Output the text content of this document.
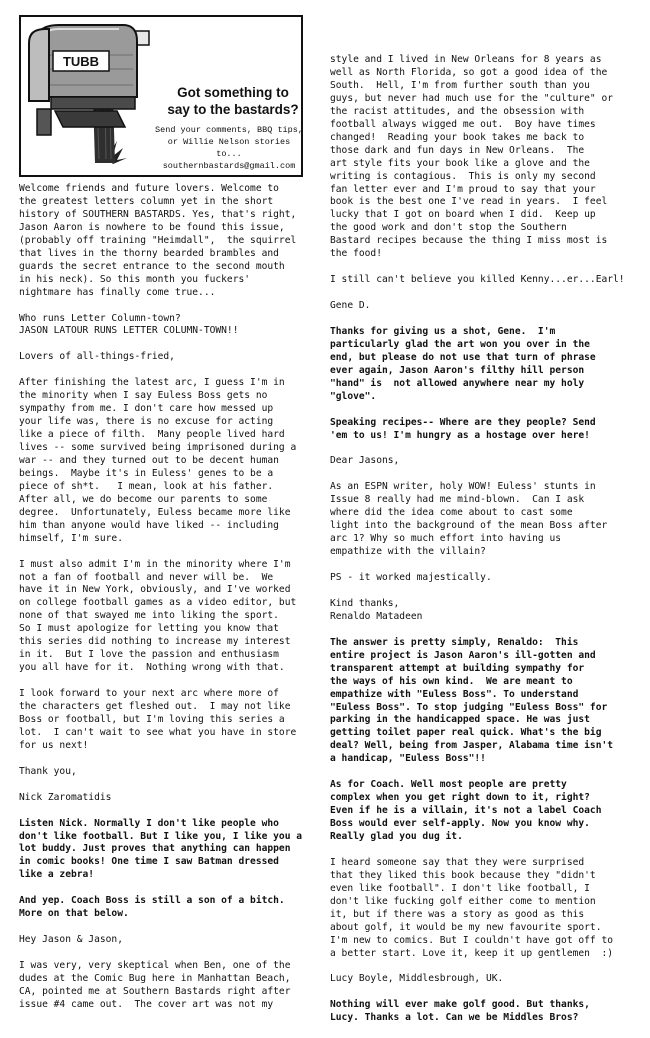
TUBB
Got something to
say to the bastards?
Send your comments, BBQ tips,
or Willie Nelson stories to...
southernbastards@gmail.com

Welcome friends and future lovers. Welcome to
the greatest letters column yet in the short
history of SOUTHERN BASTARDS. Yes, that's right,
Jason Aaron is nowhere to be found this issue,
(probably off training "Heimdall",  the squirrel
that lives in the thorny bearded brambles and
guards the secret entrance to the second mouth
in his neck). So this month you fuckers'
nightmare has finally come true...

Who runs Letter Column-town?
JASON LATOUR RUNS LETTER COLUMN-TOWN!!

Lovers of all-things-fried,

After finishing the latest arc, I guess I'm in
the minority when I say Euless Boss gets no
sympathy from me. I don't care how messed up
your life was, there is no excuse for acting
like a piece of filth.  Many people lived hard
lives -- some survived being imprisoned during a
war -- and they turned out to be decent human
beings.  Maybe it's in Euless' genes to be a
piece of sh*t.   I mean, look at his father.
After all, we do become our parents to some
degree.  Unfortunately, Euless became more like
him than anyone would have liked -- including
himself, I'm sure.

I must also admit I'm in the minority where I'm
not a fan of football and never will be.  We
have it in New York, obviously, and I've worked
on college football games as a video editor, but
none of that swayed me into liking the sport.
So I must apologize for letting you know that
this series did nothing to increase my interest
in it.  But I love the passion and enthusiasm
you all have for it.  Nothing wrong with that.

I look forward to your next arc where more of
the characters get fleshed out.  I may not like
Boss or football, but I'm loving this series a
lot.  I can't wait to see what you have in store
for us next!

Thank you,

Nick Zaromatidis

Listen Nick. Normally I don't like people who
don't like football. But I like you, I like you a
lot buddy. Just proves that anything can happen
in comic books! One time I saw Batman dressed
like a zebra!

And yep. Coach Boss is still a son of a bitch.
More on that below.

Hey Jason & Jason,

I was very, very skeptical when Ben, one of the
dudes at the Comic Bug here in Manhattan Beach,
CA, pointed me at Southern Bastards right after
issue #4 came out.  The cover art was not my

style and I lived in New Orleans for 8 years as
well as North Florida, so got a good idea of the
South.  Hell, I'm from further south than you
guys, but never had much use for the "culture" or
the racist attitudes, and the obsession with
football always wigged me out.  Boy have times
changed!  Reading your book takes me back to
those dark and fun days in New Orleans.  The
art style fits your book like a glove and the
writing is contagious.  This is only my second
fan letter ever and I'm proud to say that your
book is the best one I've read in years.  I feel
lucky that I got on board when I did.  Keep up
the good work and don't stop the Southern
Bastard recipes because the thing I miss most is
the food!

I still can't believe you killed Kenny...er...Earl!

Gene D.

Thanks for giving us a shot, Gene.  I'm
particularly glad the art won you over in the
end, but please do not use that turn of phrase
ever again, Jason Aaron's filthy hill person
"hand" is  not allowed anywhere near my holy
"glove".

Speaking recipes-- Where are they people? Send
'em to us! I'm hungry as a hostage over here!

Dear Jasons,

As an ESPN writer, holy WOW! Euless' stunts in
Issue 8 really had me mind-blown.  Can I ask
where did the idea come about to cast some
light into the background of the mean Boss after
arc 1? Why so much effort into having us
empathize with the villain?

PS - it worked majestically.

Kind thanks,
Renaldo Matadeen

The answer is pretty simply, Renaldo:  This
entire project is Jason Aaron's ill-gotten and
transparent attempt at building sympathy for
the ways of his own kind.  We are meant to
empathize with "Euless Boss". To understand
"Euless Boss". To stop judging "Euless Boss" for
parking in the handicapped space. He was just
getting toilet paper real quick. What's the big
deal? Well, being from Jasper, Alabama time isn't
a handicap, "Euless Boss"!!

As for Coach. Well most people are pretty
complex when you get right down to it, right?
Even if he is a villain, it's not a label Coach
Boss would ever self-apply. Now you know why.
Really glad you dug it.

I heard someone say that they were surprised
that they liked this book because they "didn't
even like football". I don't like football, I
don't like fucking golf either come to mention
it, but if there was a story as good as this
about golf, it would be my new favourite sport.
I'm new to comics. But I couldn't have got off to
a better start. Love it, keep it up gentlemen  :)

Lucy Boyle, Middlesbrough, UK.

Nothing will ever make golf good. But thanks,
Lucy. Thanks a lot. Can we be Middles Bros?
